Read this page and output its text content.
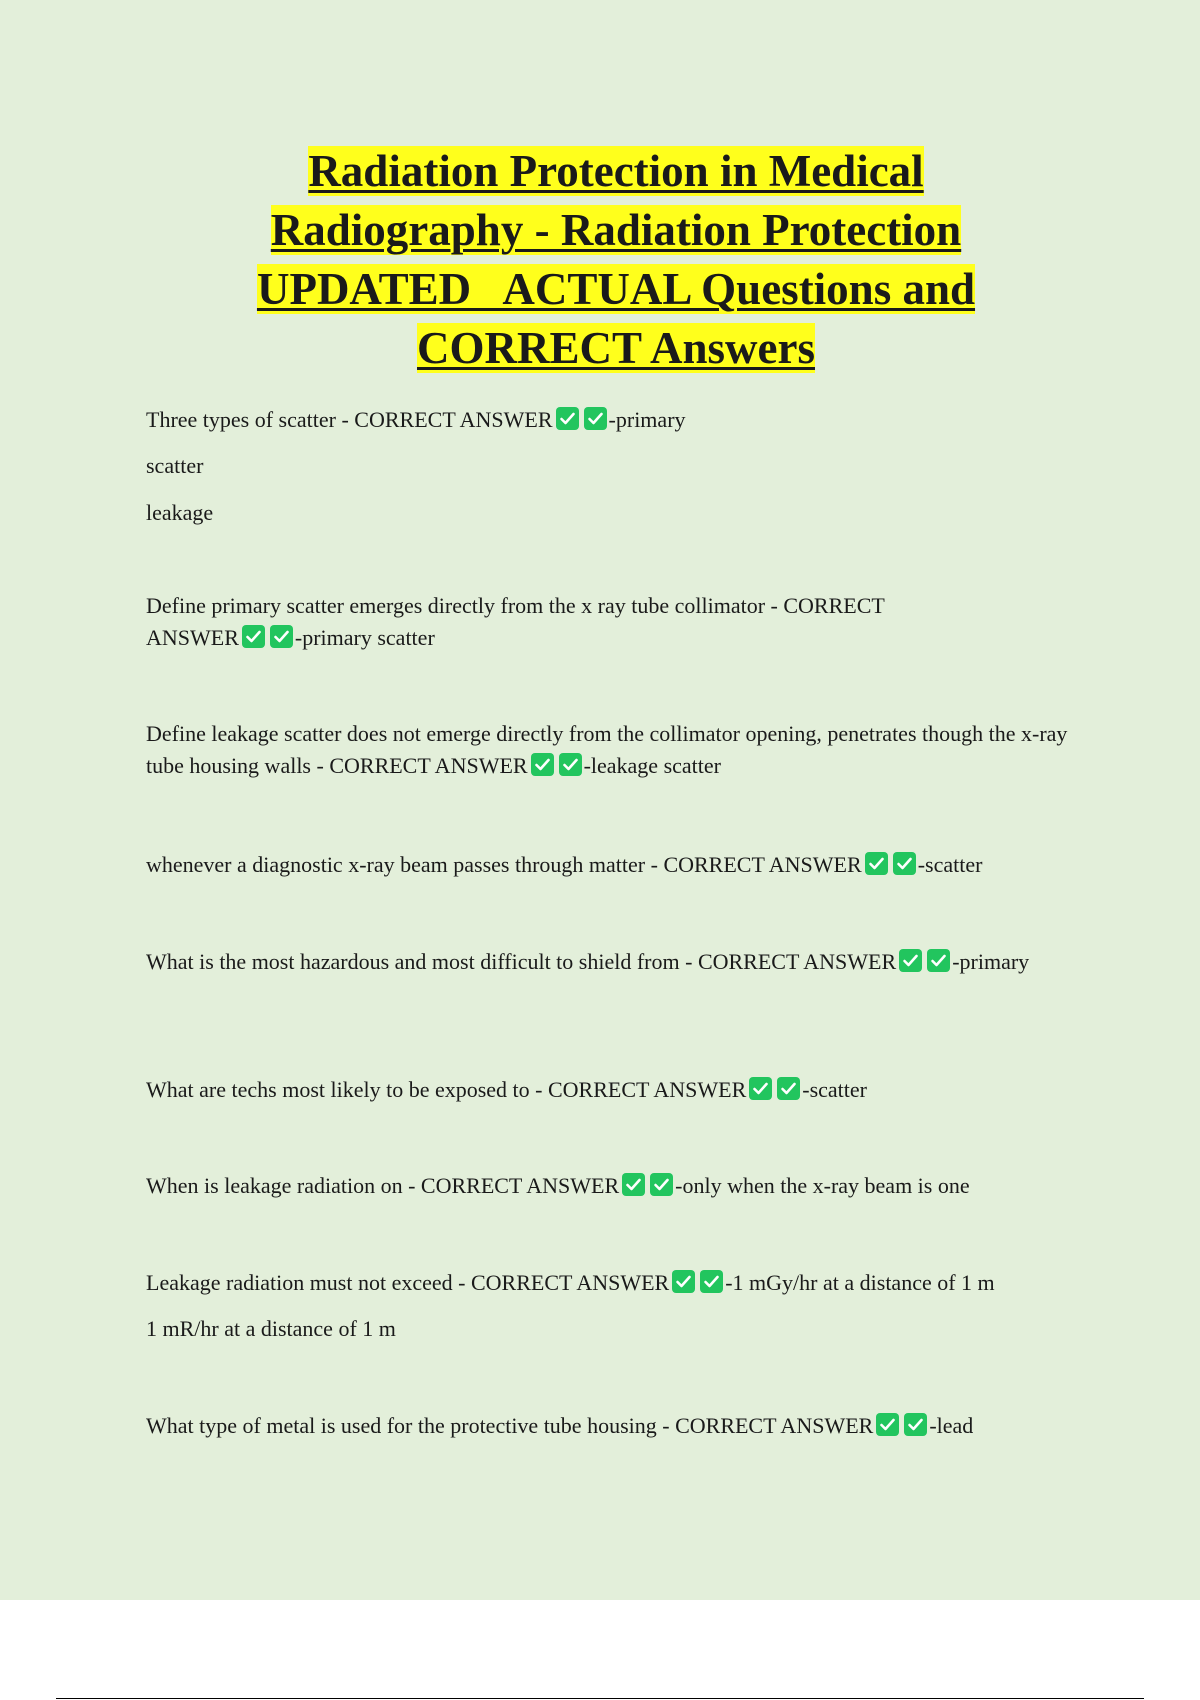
Radiation Protection in Medical
Radiography - Radiation Protection
UPDATED   ACTUAL Questions and
CORRECT Answers
Three types of scatter - CORRECT ANSWER	-primary
scatter
leakage
Define primary scatter emerges directly from the x ray tube collimator - CORRECT ANSWER	-primary scatter
Define leakage scatter does not emerge directly from the collimator opening, penetrates though the x-ray tube housing walls - CORRECT ANSWER	-leakage scatter
whenever a diagnostic x-ray beam passes through matter - CORRECT ANSWER	-scatter
What is the most hazardous and most difficult to shield from - CORRECT ANSWER	-primary
What are techs most likely to be exposed to - CORRECT ANSWER	-scatter
When is leakage radiation on - CORRECT ANSWER	-only when the x-ray beam is one
Leakage radiation must not exceed - CORRECT ANSWER	-1 mGy/hr at a distance of 1 m
1 mR/hr at a distance of 1 m
What type of metal is used for the protective tube housing - CORRECT ANSWER	-lead
